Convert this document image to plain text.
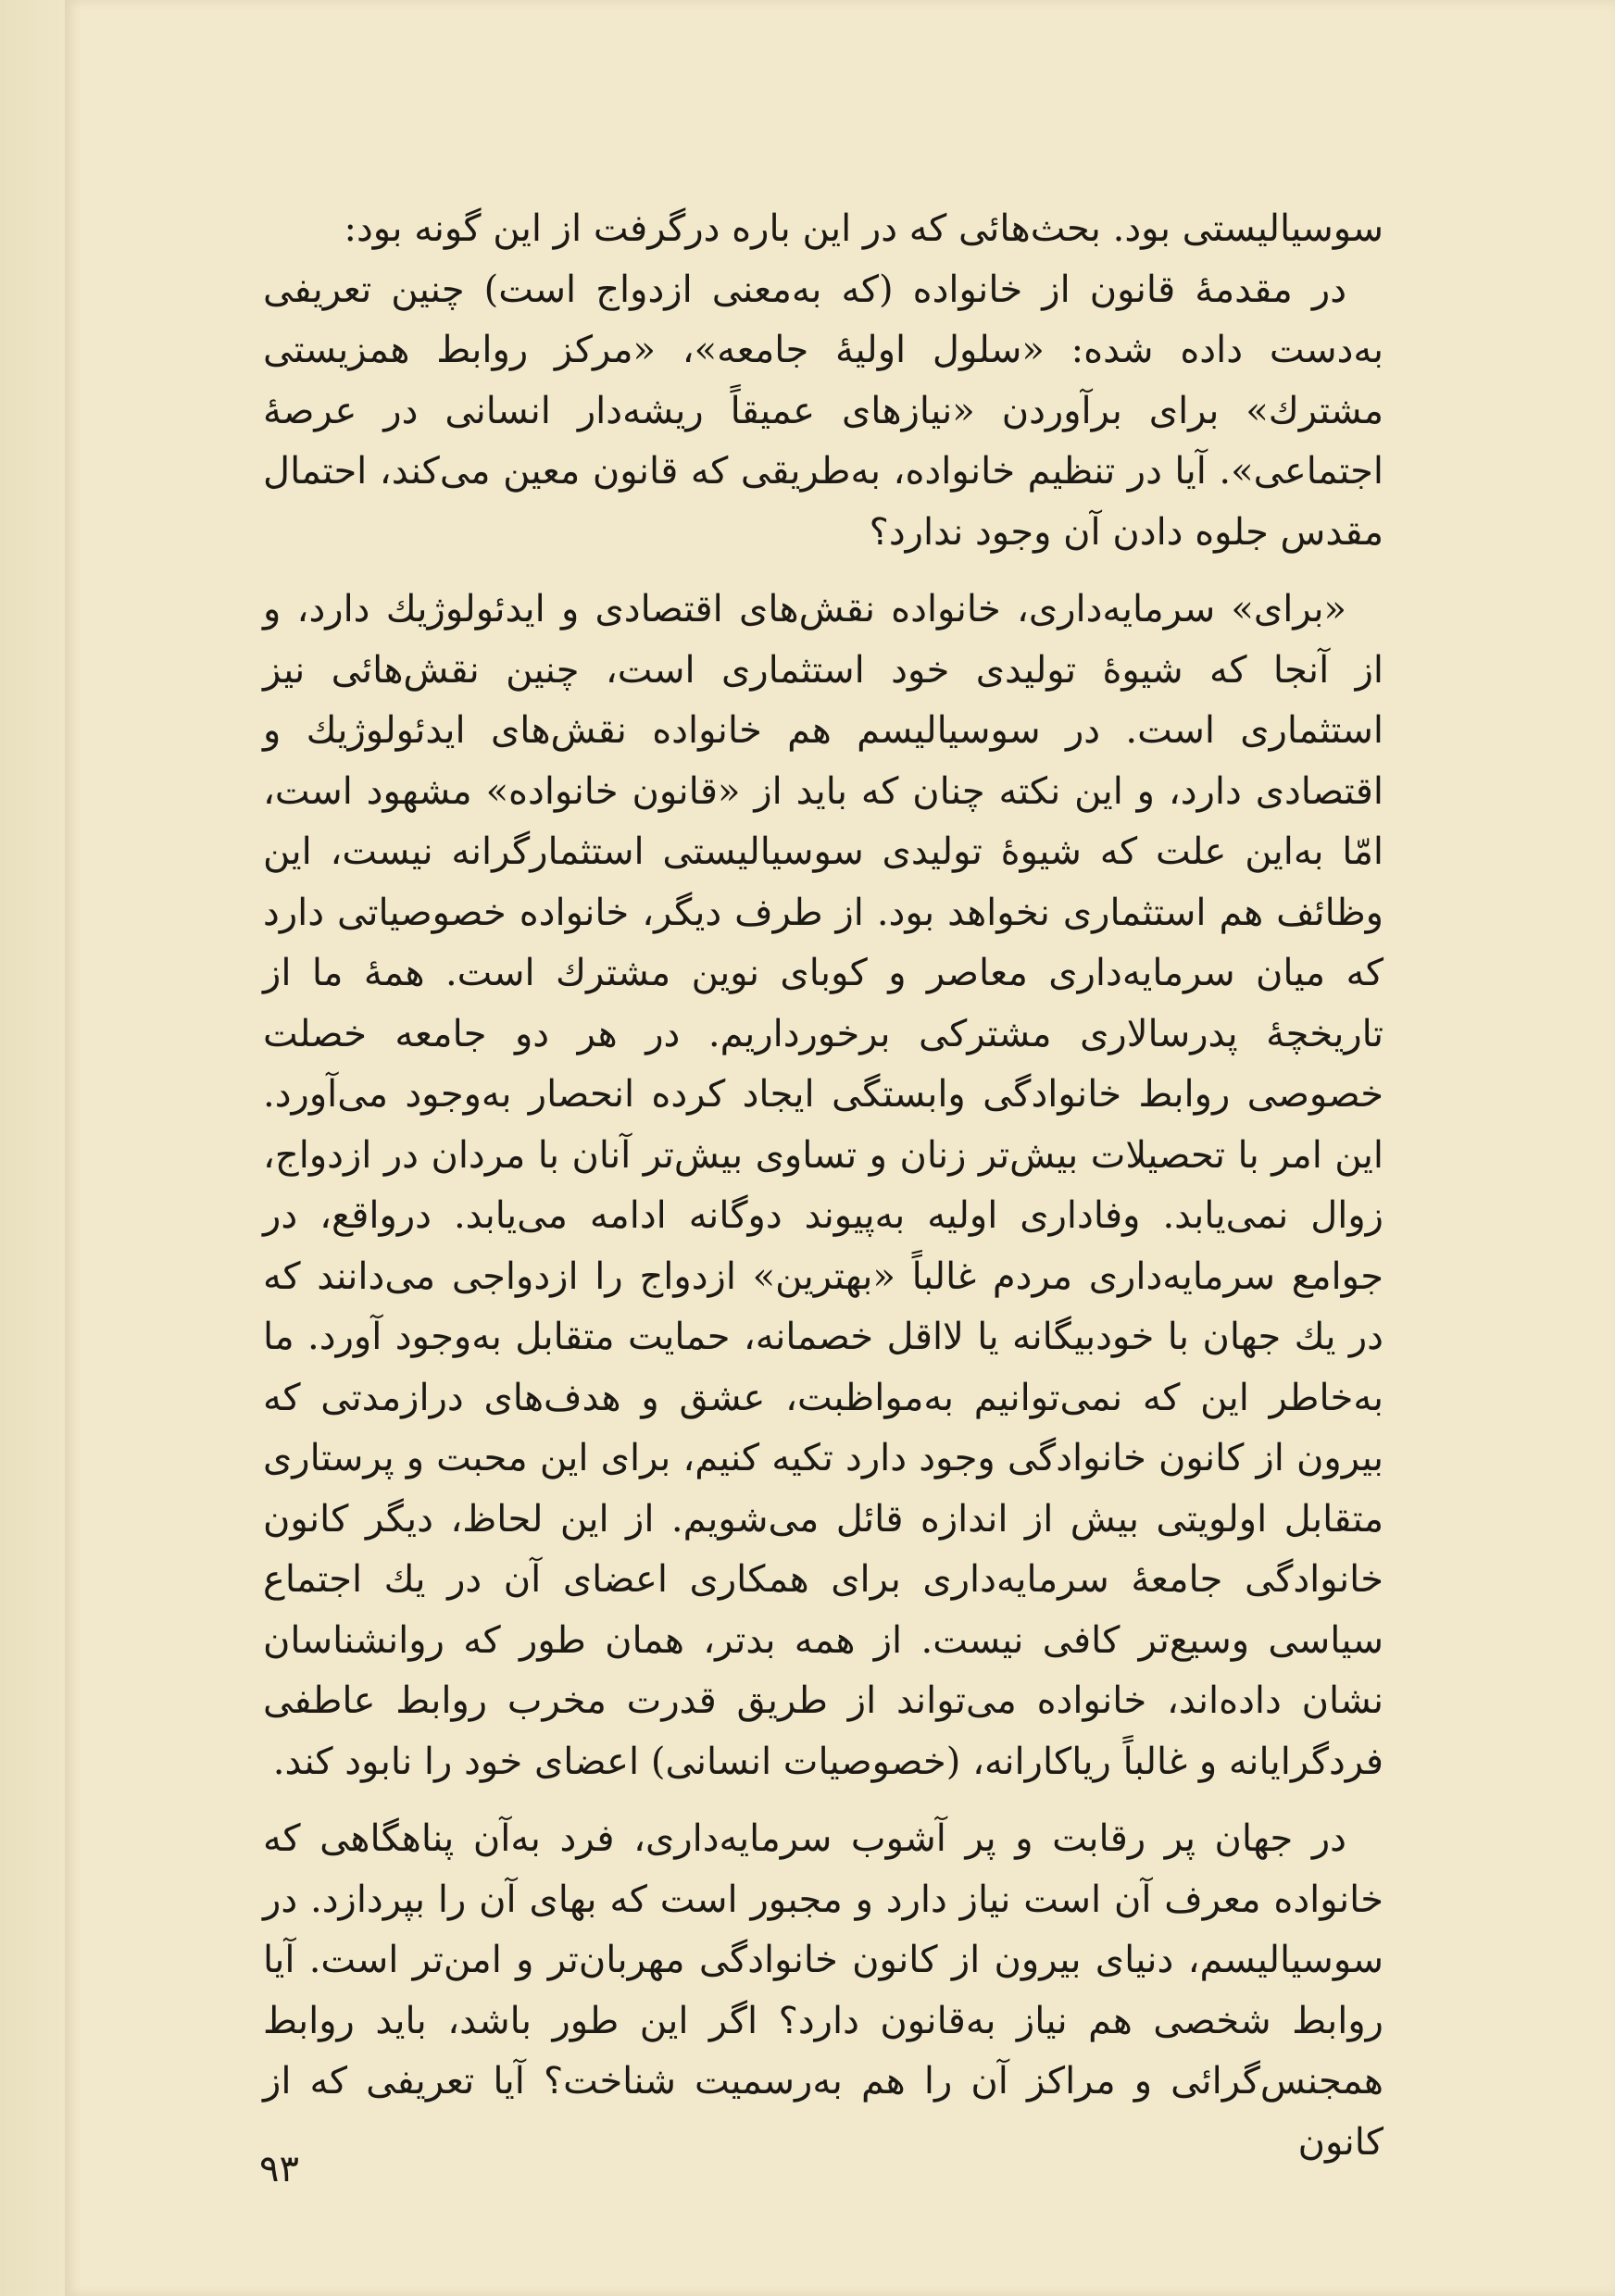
سوسیالیستی بود. بحث‌هائی که در این باره درگرفت از این گونه بود:

در مقدمهٔ قانون از خانواده (که به‌معنی ازدواج است) چنین تعریفی به‌دست داده شده: «سلول اولیهٔ جامعه»، «مرکز روابط همزیستی مشترك» برای برآوردن «نیازهای عمیقاً ریشه‌دار انسانی در عرصهٔ اجتماعی». آیا در تنظیم خانواده، به‌طریقی که قانون معین می‌کند، احتمال مقدس جلوه دادن آن وجود ندارد؟

«برای» سرمایه‌داری، خانواده نقش‌های اقتصادی و ایدئولوژیك دارد، و از آنجا که شیوهٔ تولیدی خود استثماری است، چنین نقش‌هائی نیز استثماری است. در سوسیالیسم هم خانواده نقش‌های ایدئولوژیك و اقتصادی دارد، و این نکته چنان که باید از «قانون خانواده» مشهود است، امّا به‌این علت که شیوهٔ تولیدی سوسیالیستی استثمارگرانه نیست، این وظائف هم استثماری نخواهد بود. از طرف دیگر، خانواده خصوصیاتی دارد که میان سرمایه‌داری معاصر و کوبای نوین مشترك است. همهٔ ما از تاریخچهٔ پدرسالاری مشترکی برخورداریم. در هر دو جامعه خصلت خصوصی روابط خانوادگی وابستگی ایجاد کرده انحصار به‌وجود می‌آورد. این امر با تحصیلات بیش‌تر زنان و تساوی بیش‌تر آنان با مردان در ازدواج، زوال نمی‌یابد. وفاداری اولیه به‌پیوند دوگانه ادامه می‌یابد. درواقع، در جوامع سرمایه‌داری مردم غالباً «بهترین» ازدواج را ازدواجی می‌دانند که در یك جهان با خودبیگانه یا لااقل خصمانه، حمایت متقابل به‌وجود آورد. ما به‌خاطر این که نمی‌توانیم به‌مواظبت، عشق و هدف‌های درازمدتی که بیرون از کانون خانوادگی وجود دارد تکیه کنیم، برای این محبت و پرستاری متقابل اولویتی بیش از اندازه قائل می‌شویم. از این لحاظ، دیگر کانون خانوادگی جامعهٔ سرمایه‌داری برای همکاری اعضای آن در یك اجتماع سیاسی وسیع‌تر کافی نیست. از همه بدتر، همان طور که روانشناسان نشان داده‌اند، خانواده می‌تواند از طریق قدرت مخرب روابط عاطفی فردگرایانه و غالباً ریاکارانه، (خصوصیات انسانی) اعضای خود را نابود کند.

در جهان پر رقابت و پر آشوب سرمایه‌داری، فرد به‌آن پناهگاهی که خانواده معرف آن است نیاز دارد و مجبور است که بهای آن را بپردازد. در سوسیالیسم، دنیای بیرون از کانون خانوادگی مهربان‌تر و امن‌تر است. آیا روابط شخصی هم نیاز به‌قانون دارد؟ اگر این طور باشد، باید روابط همجنس‌گرائی و مراکز آن را هم به‌رسمیت شناخت؟ آیا تعریفی که از کانون

۹۳
